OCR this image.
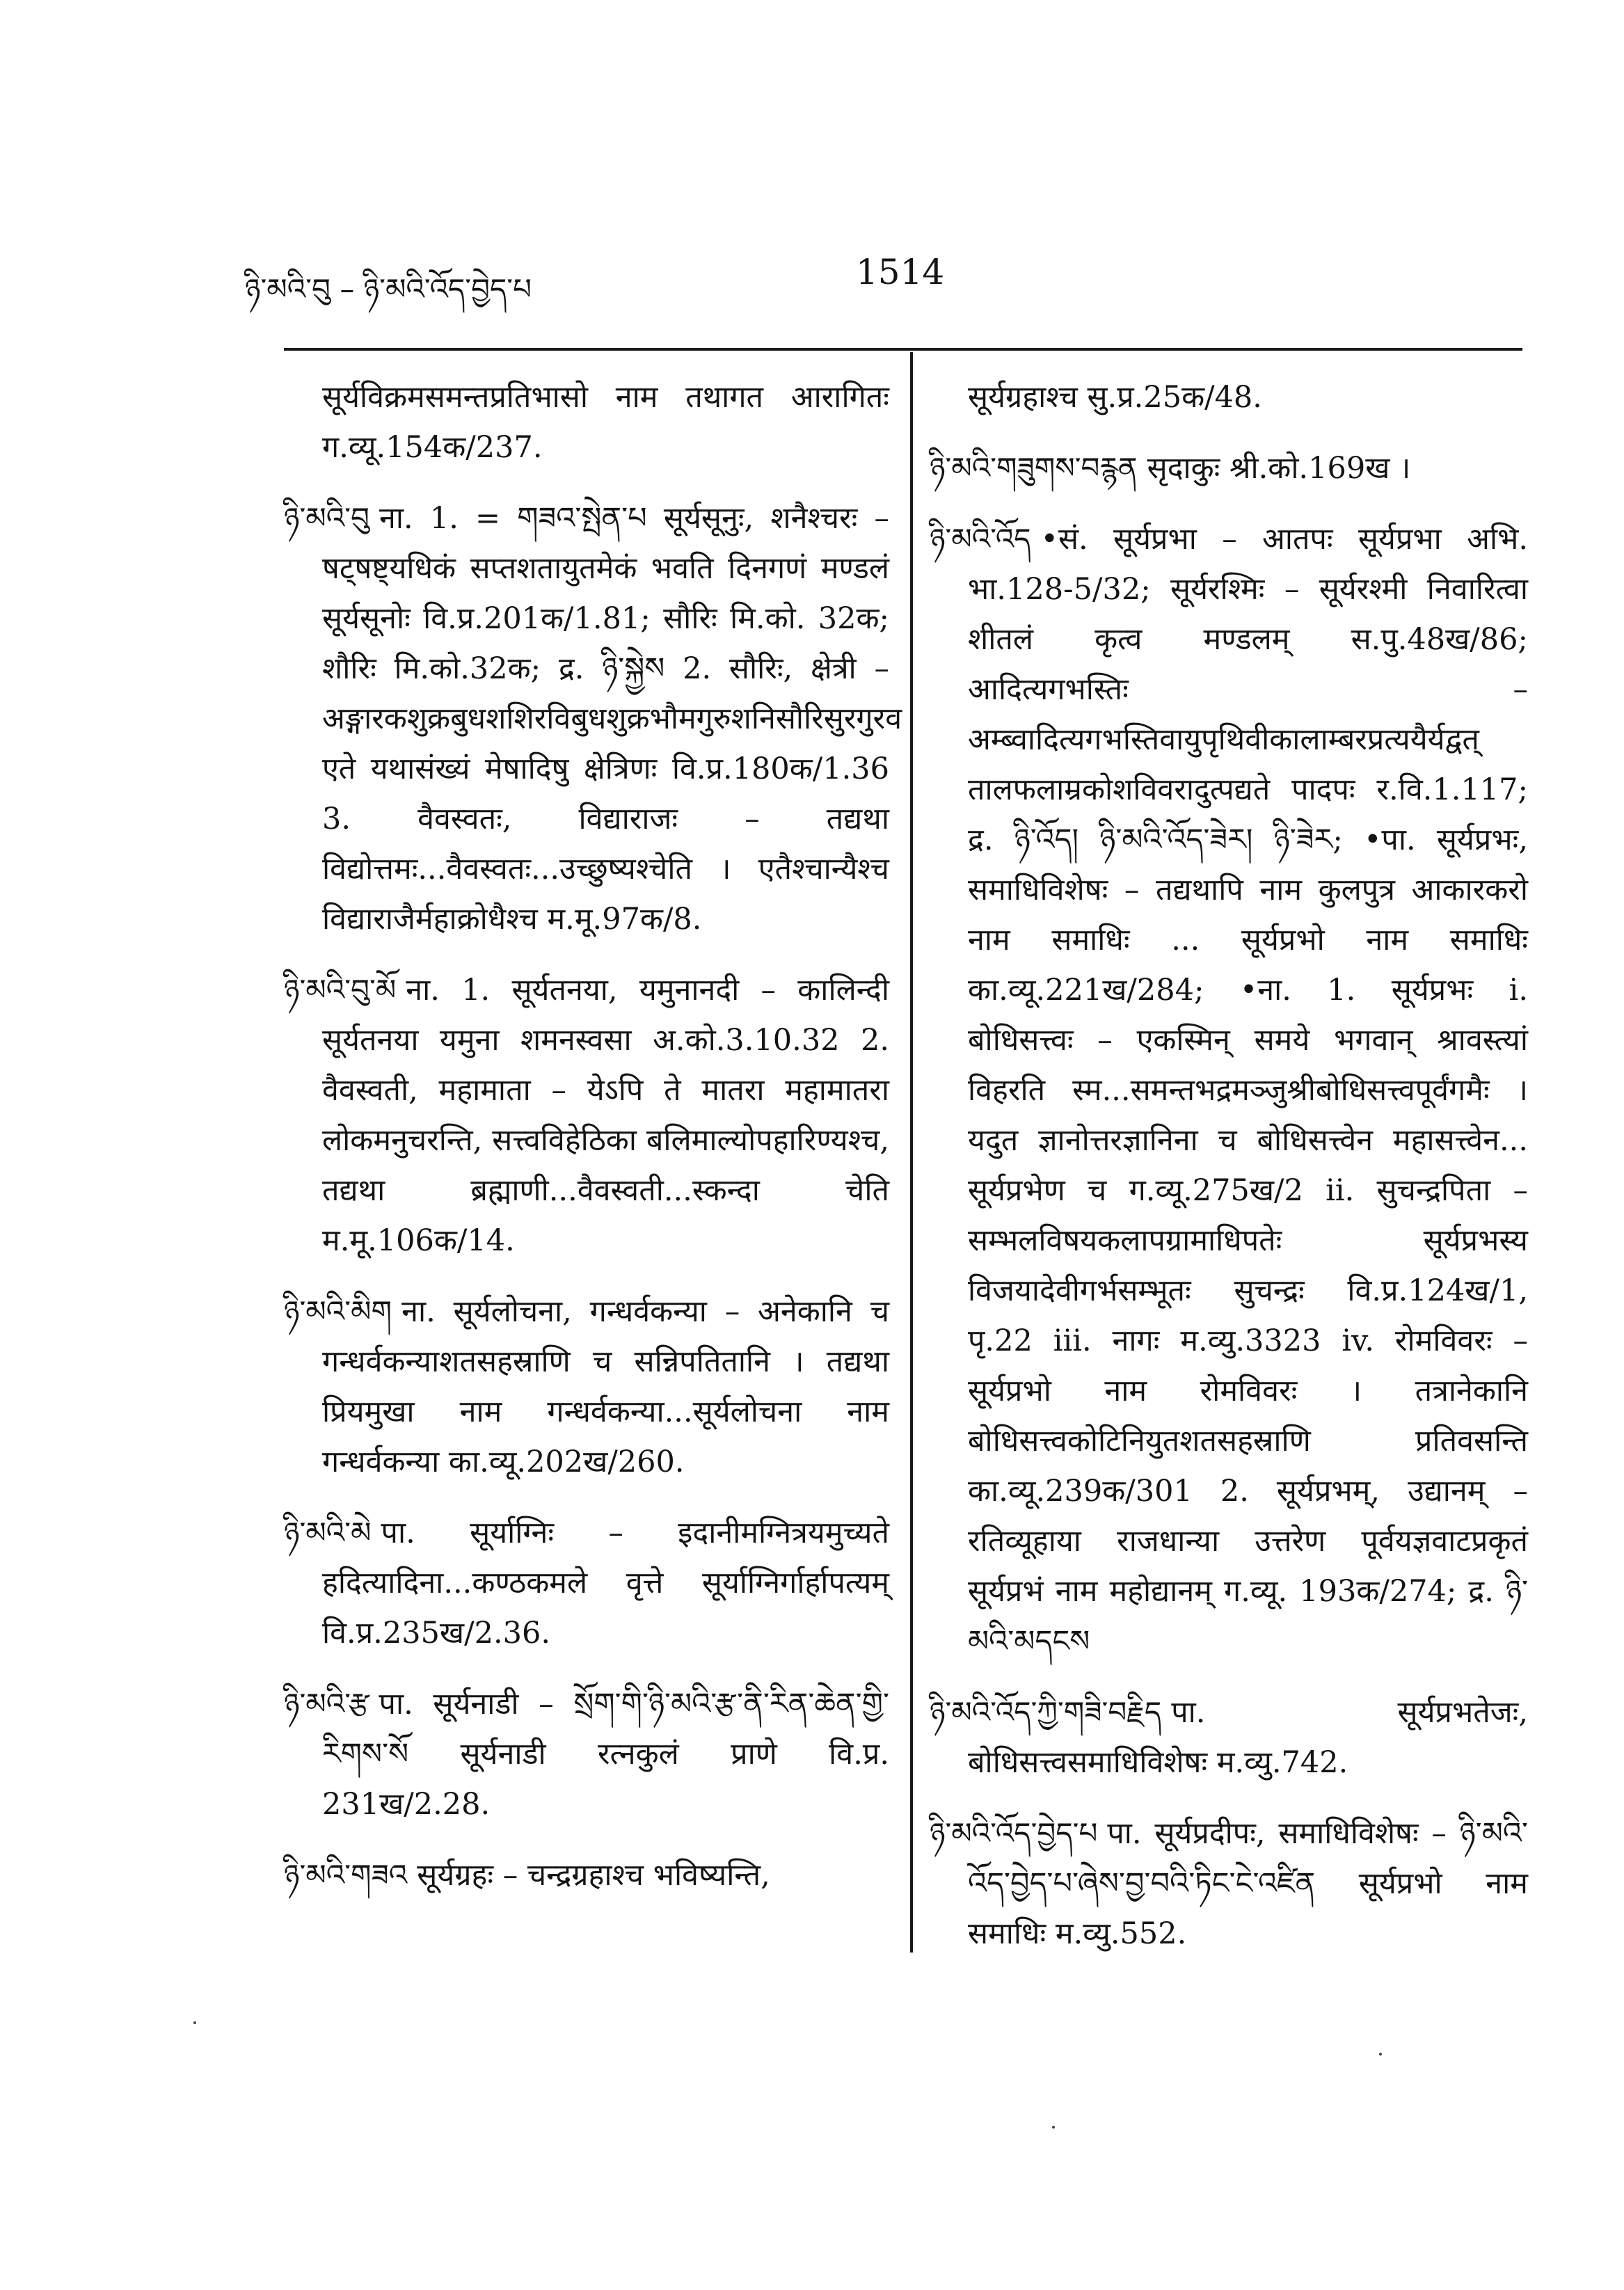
ཉི་མའི་བུ – ཉི་མའི་འོད་བྱེད་པ	1514

सूर्यविक्रमसमन्तप्रतिभासो नाम तथागत आरागितः ग.व्यू.154क/237.

ཉི་མའི་བུ ना. 1. = གཟའ་སྤེན་པ सूर्यसूनुः, शनैश्चरः – षट्षष्ट्यधिकं सप्तशतायुतमेकं भवति दिनगणं मण्डलं सूर्यसूनोः वि.प्र.201क/1.81; सौरिः मि.को. 32क; शौरिः मि.को.32क; द्र. ཉི་སྐྱེས 2. सौरिः, क्षेत्री – अङ्गारकशुक्रबुधशशिरविबुधशुक्रभौमगुरुशनिसौरिसुरगुरव एते यथासंख्यं मेषादिषु क्षेत्रिणः वि.प्र.180क/1.36 3. वैवस्वतः, विद्याराजः – तद्यथा विद्योत्तमः...वैवस्वतः...उच्छुष्यश्चेति । एतैश्चान्यैश्च विद्याराजैर्महाक्रोधैश्च म.मू.97क/8.

ཉི་མའི་བུ་མོ ना. 1. सूर्यतनया, यमुनानदी – कालिन्दी सूर्यतनया यमुना शमनस्वसा अ.को.3.10.32 2. वैवस्वती, महामाता – येऽपि ते मातरा महामातरा लोकमनुचरन्ति, सत्त्वविहेठिका बलिमाल्योपहारिण्यश्च, तद्यथा ब्रह्माणी...वैवस्वती...स्कन्दा चेति म.मू.106क/14.

ཉི་མའི་མིག ना. सूर्यलोचना, गन्धर्वकन्या – अनेकानि च गन्धर्वकन्याशतसहस्राणि च सन्निपतितानि । तद्यथा प्रियमुखा नाम गन्धर्वकन्या...सूर्यलोचना नाम गन्धर्वकन्या का.व्यू.202ख/260.

ཉི་མའི་མེ पा. सूर्याग्निः – इदानीमग्नित्रयमुच्यते हदित्यादिना...कण्ठकमले वृत्ते सूर्याग्निर्गार्हापत्यम् वि.प्र.235ख/2.36.

ཉི་མའི་རྩ पा. सूर्यनाडी – སྲོག་གི་ཉི་མའི་རྩ་ནི་རིན་ཆེན་གྱི་རིགས་སོ सूर्यनाडी रत्नकुलं प्राणे वि.प्र. 231ख/2.28.

ཉི་མའི་གཟའ सूर्यग्रहः – चन्द्रग्रहाश्च भविष्यन्ति,

सूर्यग्रहाश्च सु.प्र.25क/48.

ཉི་མའི་གཟུགས་བརྙན सृदाकुः श्री.को.169ख ।

ཉི་མའི་འོད •सं. सूर्यप्रभा – आतपः सूर्यप्रभा अभि. भा.128-5/32; सूर्यरश्मिः – सूर्यरश्मी निवारित्वा शीतलं कृत्व मण्डलम् स.पु.48ख/86; आदित्यगभस्तिः – अम्ब्वादित्यगभस्तिवायुपृथिवीकालाम्बरप्रत्ययैर्यद्वत् तालफलाम्रकोशविवरादुत्पद्यते पादपः र.वि.1.117; द्र. ཉི་འོད། ཉི་མའི་འོད་ཟེར། ཉི་ཟེར; •पा. सूर्यप्रभः, समाधिविशेषः – तद्यथापि नाम कुलपुत्र आकारकरो नाम समाधिः ... सूर्यप्रभो नाम समाधिः का.व्यू.221ख/284; •ना. 1. सूर्यप्रभः i. बोधिसत्त्वः – एकस्मिन् समये भगवान् श्रावस्त्यां विहरति स्म...समन्तभद्रमञ्जुश्रीबोधिसत्त्वपूर्वंगमैः । यदुत ज्ञानोत्तरज्ञानिना च बोधिसत्त्वेन महासत्त्वेन... सूर्यप्रभेण च ग.व्यू.275ख/2 ii. सुचन्द्रपिता – सम्भलविषयकलापग्रामाधिपतेः सूर्यप्रभस्य विजयादेवीगर्भसम्भूतः सुचन्द्रः वि.प्र.124ख/1, पृ.22 iii. नागः म.व्यु.3323 iv. रोमविवरः – सूर्यप्रभो नाम रोमविवरः । तत्रानेकानि बोधिसत्त्वकोटिनियुतशतसहस्राणि प्रतिवसन्ति का.व्यू.239क/301 2. सूर्यप्रभम्, उद्यानम् – रतिव्यूहाया राजधान्या उत्तरेण पूर्वयज्ञवाटप्रकृतं सूर्यप्रभं नाम महोद्यानम् ग.व्यू. 193क/274; द्र. ཉི་མའི་མདངས

ཉི་མའི་འོད་ཀྱི་གཟི་བརྗིད पा. सूर्यप्रभतेजः, बोधिसत्त्वसमाधिविशेषः म.व्यु.742.

ཉི་མའི་འོད་བྱེད་པ पा. सूर्यप्रदीपः, समाधिविशेषः – ཉི་མའི་འོད་བྱེད་པ་ཞེས་བྱ་བའི་ཏིང་ངེ་འཛིན सूर्यप्रभो नाम समाधिः म.व्यु.552.
